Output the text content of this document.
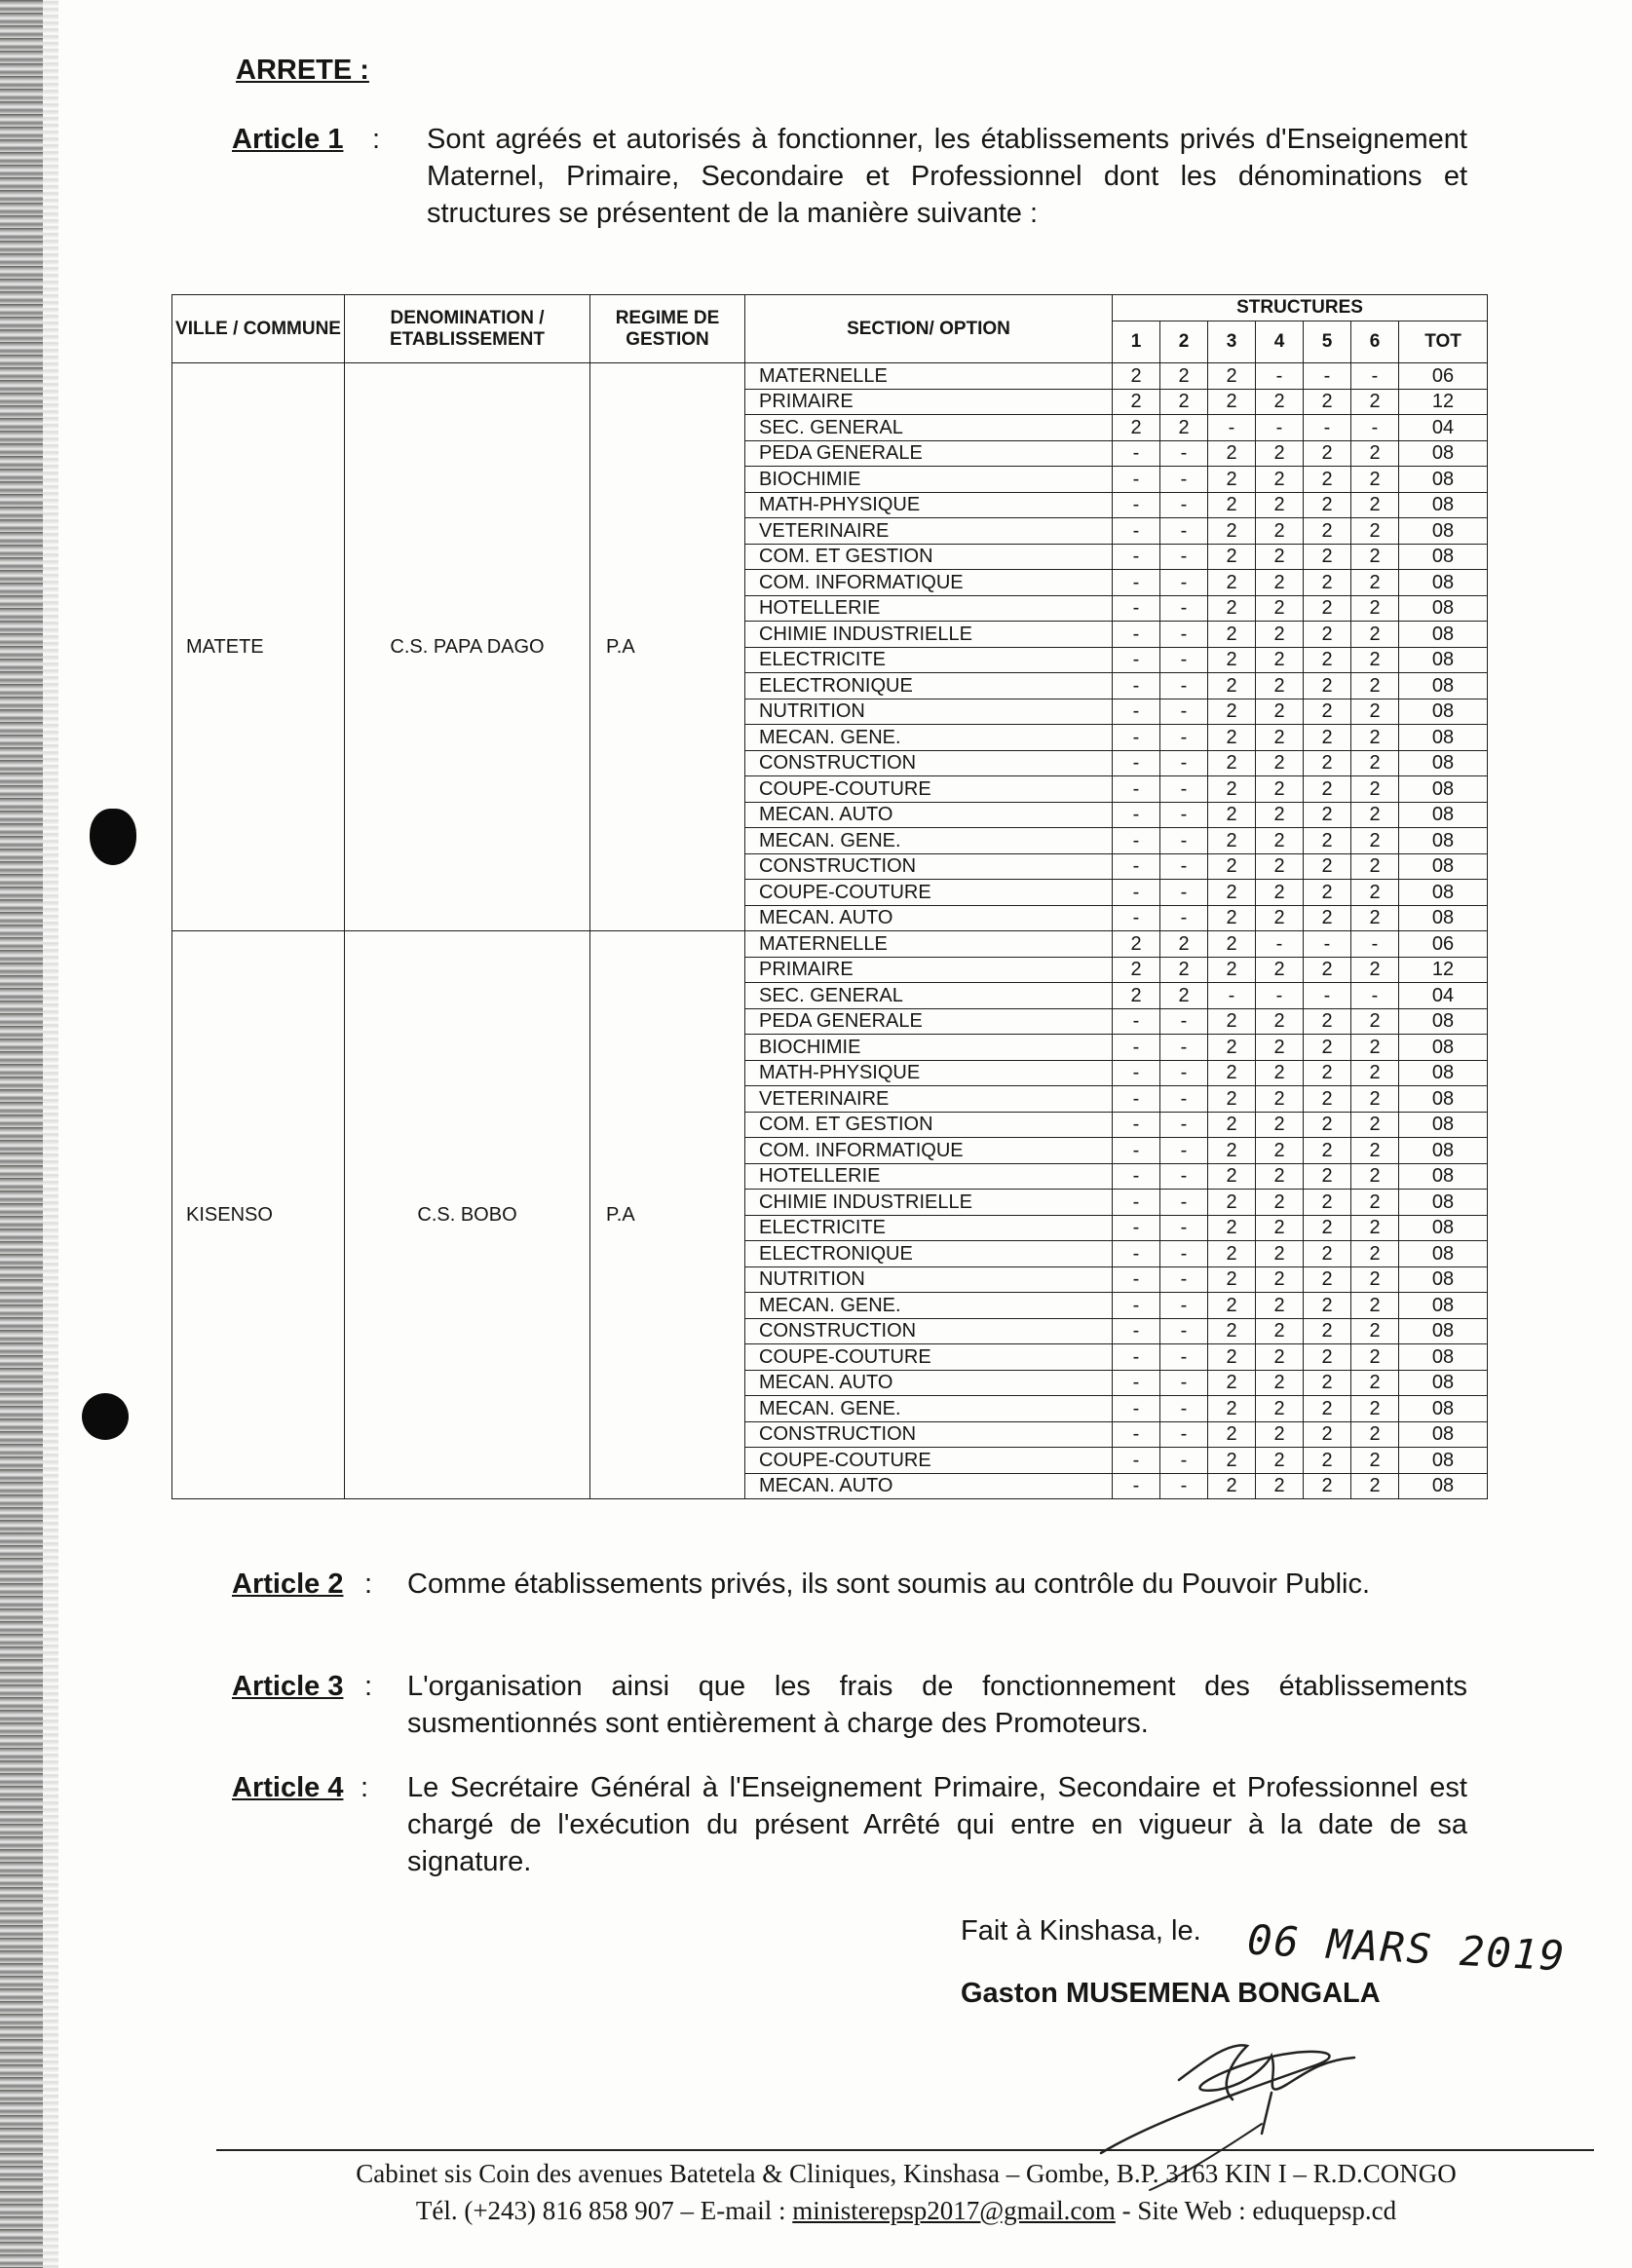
ARRETE :
Article 1 : Sont agréés et autorisés à fonctionner, les établissements privés d'Enseignement Maternel, Primaire, Secondaire et Professionnel dont les dénominations et structures se présentent de la manière suivante :
VILLE / COMMUNE	DENOMINATION / ETABLISSEMENT	REGIME DE GESTION	SECTION/ OPTION	STRUCTURES						
				1	2	3	4	5	6	TOT
MATETE	C.S. PAPA DAGO	P.A	MATERNELLE	2	2	2	-	-	-	06
			PRIMAIRE	2	2	2	2	2	2	12
			SEC. GENERAL	2	2	-	-	-	-	04
			PEDA GENERALE	-	-	2	2	2	2	08
			BIOCHIMIE	-	-	2	2	2	2	08
			MATH-PHYSIQUE	-	-	2	2	2	2	08
			VETERINAIRE	-	-	2	2	2	2	08
			COM. ET GESTION	-	-	2	2	2	2	08
			COM. INFORMATIQUE	-	-	2	2	2	2	08
			HOTELLERIE	-	-	2	2	2	2	08
			CHIMIE INDUSTRIELLE	-	-	2	2	2	2	08
			ELECTRICITE	-	-	2	2	2	2	08
			ELECTRONIQUE	-	-	2	2	2	2	08
			NUTRITION	-	-	2	2	2	2	08
			MECAN. GENE.	-	-	2	2	2	2	08
			CONSTRUCTION	-	-	2	2	2	2	08
			COUPE-COUTURE	-	-	2	2	2	2	08
			MECAN. AUTO	-	-	2	2	2	2	08
			MECAN. GENE.	-	-	2	2	2	2	08
			CONSTRUCTION	-	-	2	2	2	2	08
			COUPE-COUTURE	-	-	2	2	2	2	08
			MECAN. AUTO	-	-	2	2	2	2	08
KISENSO	C.S. BOBO	P.A	MATERNELLE	2	2	2	-	-	-	06
			PRIMAIRE	2	2	2	2	2	2	12
			SEC. GENERAL	2	2	-	-	-	-	04
			PEDA GENERALE	-	-	2	2	2	2	08
			BIOCHIMIE	-	-	2	2	2	2	08
			MATH-PHYSIQUE	-	-	2	2	2	2	08
			VETERINAIRE	-	-	2	2	2	2	08
			COM. ET GESTION	-	-	2	2	2	2	08
			COM. INFORMATIQUE	-	-	2	2	2	2	08
			HOTELLERIE	-	-	2	2	2	2	08
			CHIMIE INDUSTRIELLE	-	-	2	2	2	2	08
			ELECTRICITE	-	-	2	2	2	2	08
			ELECTRONIQUE	-	-	2	2	2	2	08
			NUTRITION	-	-	2	2	2	2	08
			MECAN. GENE.	-	-	2	2	2	2	08
			CONSTRUCTION	-	-	2	2	2	2	08
			COUPE-COUTURE	-	-	2	2	2	2	08
			MECAN. AUTO	-	-	2	2	2	2	08
			MECAN. GENE.	-	-	2	2	2	2	08
			CONSTRUCTION	-	-	2	2	2	2	08
			COUPE-COUTURE	-	-	2	2	2	2	08
			MECAN. AUTO	-	-	2	2	2	2	08
Article 2 : Comme établissements privés, ils sont soumis au contrôle du Pouvoir Public.
Article 3 : L'organisation ainsi que les frais de fonctionnement des établissements susmentionnés sont entièrement à charge des Promoteurs.
Article 4 : Le Secrétaire Général à l'Enseignement Primaire, Secondaire et Professionnel est chargé de l'exécution du présent Arrêté qui entre en vigueur à la date de sa signature.
Fait à Kinshasa, le. 06 MARS 2019
Gaston MUSEMENA BONGALA
Cabinet sis Coin des avenues Batetela & Cliniques, Kinshasa – Gombe, B.P. 3163 KIN I – R.D.CONGO
Tél. (+243) 816 858 907 – E-mail : ministerepsp2017@gmail.com - Site Web : eduquepsp.cd
